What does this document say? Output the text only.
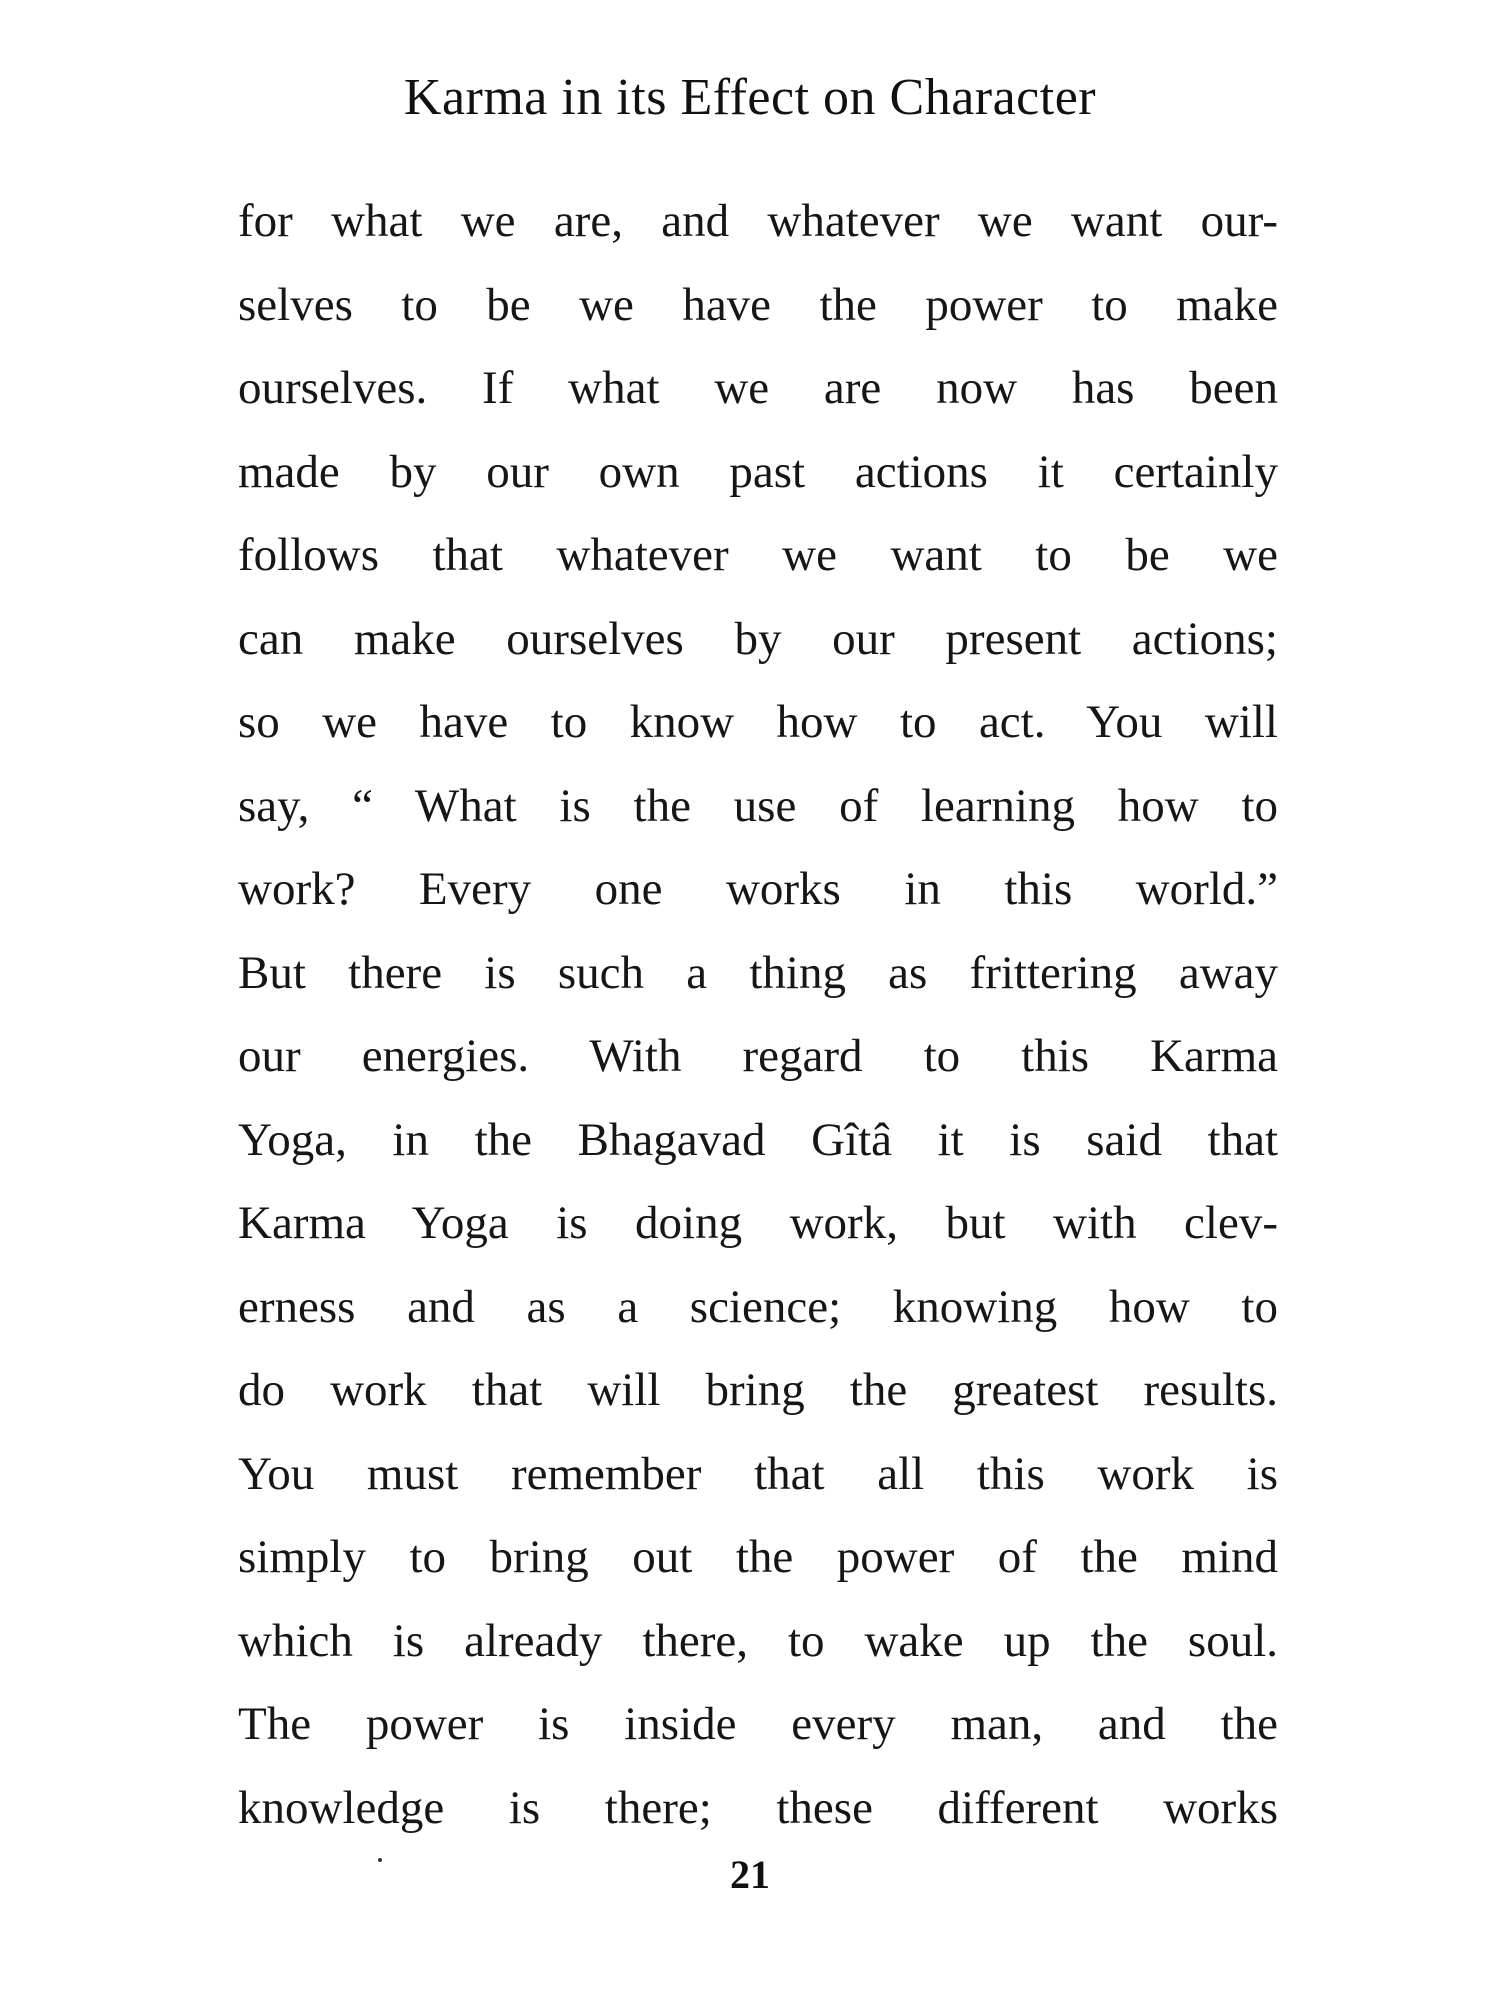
Karma in its Effect on Character
for what we are, and whatever we want our-
selves to be we have the power to make
ourselves. If what we are now has been
made by our own past actions it certainly
follows that whatever we want to be we
can make ourselves by our present actions;
so we have to know how to act. You will
say, “ What is the use of learning how to
work? Every one works in this world.”
But there is such a thing as frittering away
our energies. With regard to this Karma
Yoga, in the Bhagavad Gîtâ it is said that
Karma Yoga is doing work, but with clev-
erness and as a science; knowing how to
do work that will bring the greatest results.
You must remember that all this work is
simply to bring out the power of the mind
which is already there, to wake up the soul.
The power is inside every man, and the
knowledge is there; these different works
21
